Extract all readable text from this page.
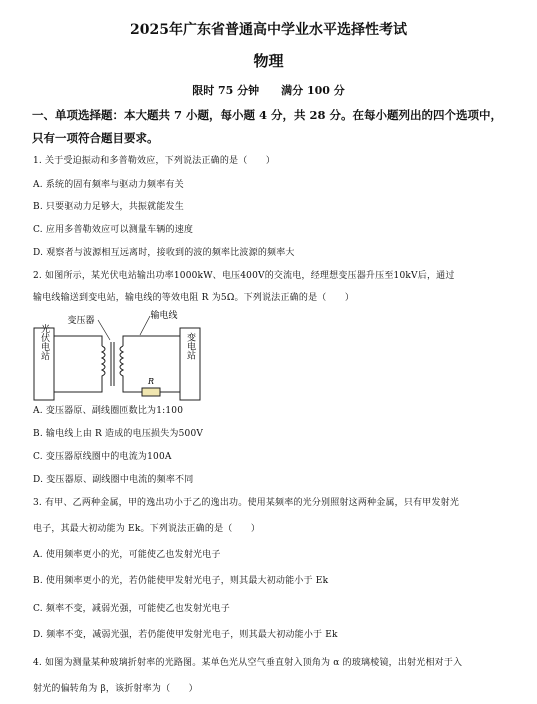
2025年广东省普通高中学业水平选择性考试
物理
限时 75 分钟　　满分 100 分
一、单项选择题：本大题共 7 小题，每小题 4 分，共 28 分。在每小题列出的四个选项中，
只有一项符合题目要求。
1. 关于受迫振动和多普勒效应，下列说法正确的是（　　）
A. 系统的固有频率与驱动力频率有关
B. 只要驱动力足够大，共振就能发生
C. 应用多普勒效应可以测量车辆的速度
D. 观察者与波源相互远离时，接收到的波的频率比波源的频率大
2. 如图所示，某光伏电站输出功率1000kW、电压400V的交流电，经理想变压器升压至10kV后，通过
输电线输送到变电站，输电线的等效电阻 R 为5Ω。下列说法正确的是（　　）
光伏电站	变电站
R
变压器	输电线
A. 变压器原、副线圈匝数比为1:100
B. 输电线上由 R 造成的电压损失为500V
C. 变压器原线圈中的电流为100A
D. 变压器原、副线圈中电流的频率不同
3. 有甲、乙两种金属，甲的逸出功小于乙的逸出功。使用某频率的光分别照射这两种金属，只有甲发射光
电子，其最大初动能为 Ek。下列说法正确的是（　　）
A. 使用频率更小的光，可能使乙也发射光电子
B. 使用频率更小的光，若仍能使甲发射光电子，则其最大初动能小于 Ek
C. 频率不变，减弱光强，可能使乙也发射光电子
D. 频率不变，减弱光强，若仍能使甲发射光电子，则其最大初动能小于 Ek
4. 如图为测量某种玻璃折射率的光路图。某单色光从空气垂直射入顶角为 α 的玻璃棱镜，出射光相对于入
射光的偏转角为 β，该折射率为（　　）
